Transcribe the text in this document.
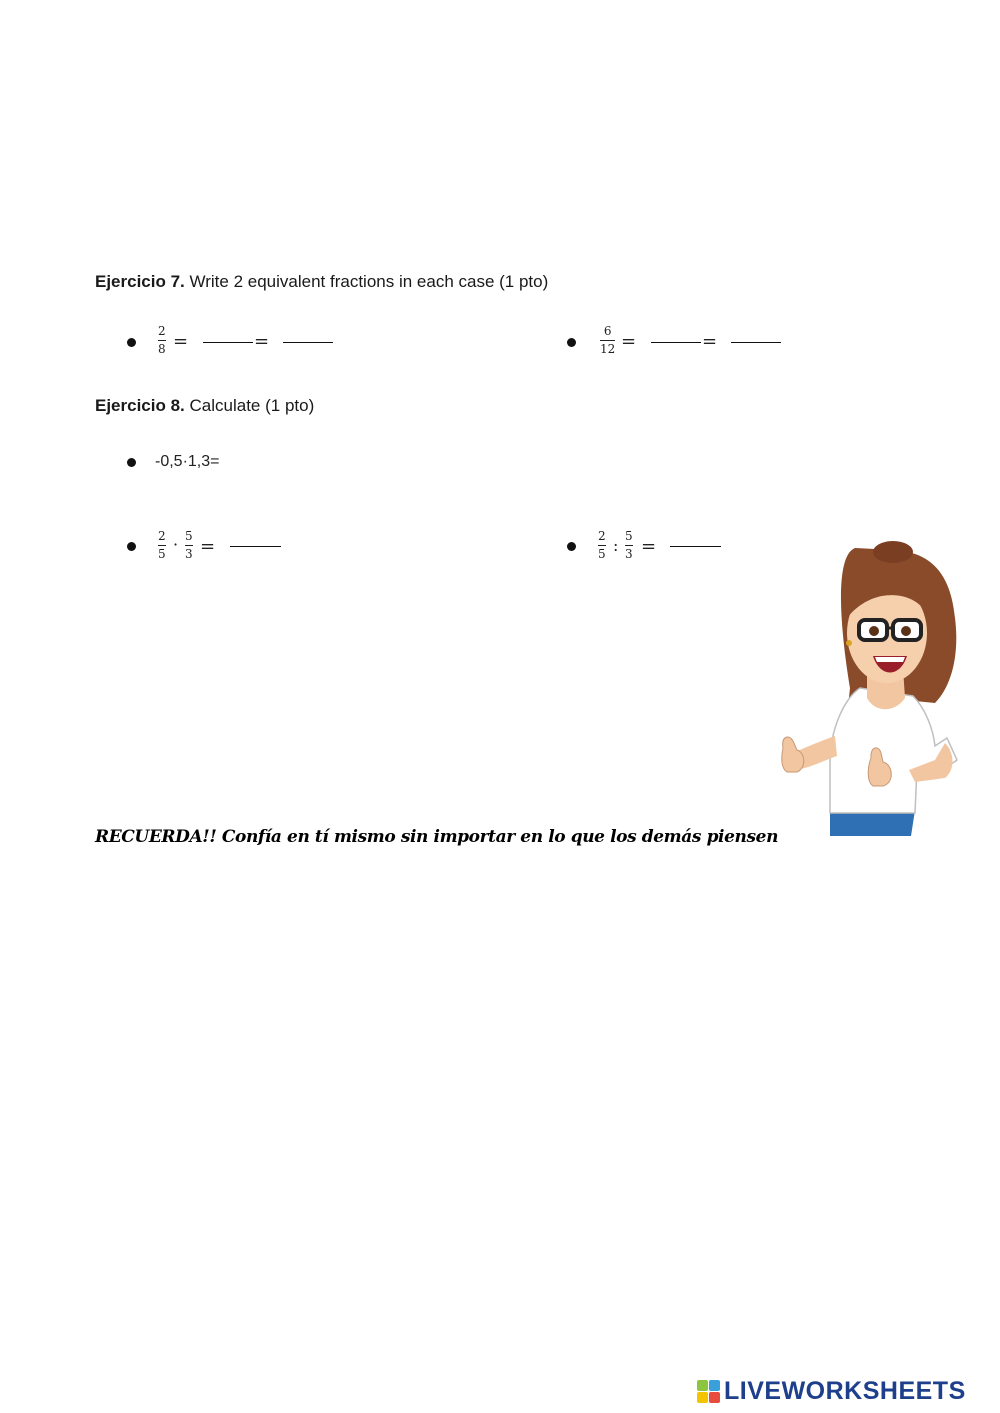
Ejercicio 7. Write 2 equivalent fractions in each case (1 pto)
2
8 =	=	6
12 =	=
Ejercicio 8. Calculate (1 pto)
-0,5·1,3=
2
5 · 5
3 =	2
5 : 5
3 =
RECUERDA!! Confía en tí mismo sin importar en lo que los demás piensen
LIVEWORKSHEETS
